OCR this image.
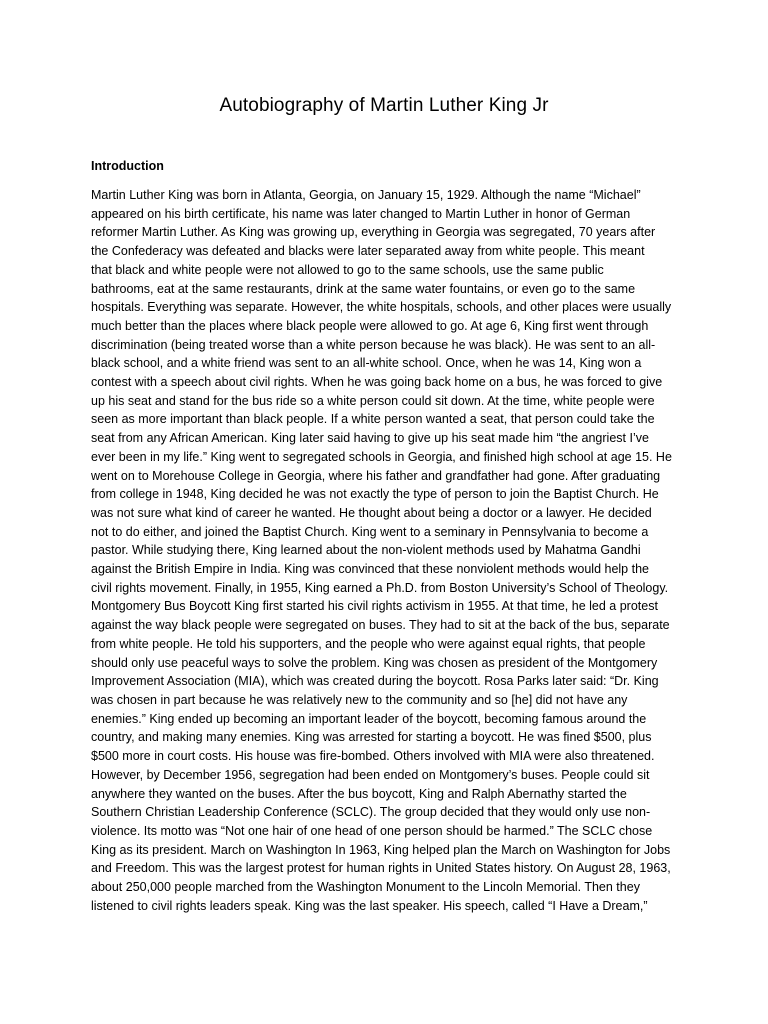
Autobiography of Martin Luther King Jr
Introduction
Martin Luther King was born in Atlanta, Georgia, on January 15, 1929. Although the name “Michael”
appeared on his birth certificate, his name was later changed to Martin Luther in honor of German
reformer Martin Luther. As King was growing up, everything in Georgia was segregated, 70 years after
the Confederacy was defeated and blacks were later separated away from white people. This meant
that black and white people were not allowed to go to the same schools, use the same public
bathrooms, eat at the same restaurants, drink at the same water fountains, or even go to the same
hospitals. Everything was separate. However, the white hospitals, schools, and other places were usually
much better than the places where black people were allowed to go. At age 6, King first went through
discrimination (being treated worse than a white person because he was black). He was sent to an all-
black school, and a white friend was sent to an all-white school. Once, when he was 14, King won a
contest with a speech about civil rights. When he was going back home on a bus, he was forced to give
up his seat and stand for the bus ride so a white person could sit down. At the time, white people were
seen as more important than black people. If a white person wanted a seat, that person could take the
seat from any African American. King later said having to give up his seat made him “the angriest I’ve
ever been in my life.” King went to segregated schools in Georgia, and finished high school at age 15. He
went on to Morehouse College in Georgia, where his father and grandfather had gone. After graduating
from college in 1948, King decided he was not exactly the type of person to join the Baptist Church. He
was not sure what kind of career he wanted. He thought about being a doctor or a lawyer. He decided
not to do either, and joined the Baptist Church. King went to a seminary in Pennsylvania to become a
pastor. While studying there, King learned about the non-violent methods used by Mahatma Gandhi
against the British Empire in India. King was convinced that these nonviolent methods would help the
civil rights movement. Finally, in 1955, King earned a Ph.D. from Boston University’s School of Theology.
Montgomery Bus Boycott King first started his civil rights activism in 1955. At that time, he led a protest
against the way black people were segregated on buses. They had to sit at the back of the bus, separate
from white people. He told his supporters, and the people who were against equal rights, that people
should only use peaceful ways to solve the problem. King was chosen as president of the Montgomery
Improvement Association (MIA), which was created during the boycott. Rosa Parks later said: “Dr. King
was chosen in part because he was relatively new to the community and so [he] did not have any
enemies.” King ended up becoming an important leader of the boycott, becoming famous around the
country, and making many enemies. King was arrested for starting a boycott. He was fined $500, plus
$500 more in court costs. His house was fire-bombed. Others involved with MIA were also threatened.
However, by December 1956, segregation had been ended on Montgomery’s buses. People could sit
anywhere they wanted on the buses. After the bus boycott, King and Ralph Abernathy started the
Southern Christian Leadership Conference (SCLC). The group decided that they would only use non-
violence. Its motto was “Not one hair of one head of one person should be harmed.” The SCLC chose
King as its president. March on Washington In 1963, King helped plan the March on Washington for Jobs
and Freedom. This was the largest protest for human rights in United States history. On August 28, 1963,
about 250,000 people marched from the Washington Monument to the Lincoln Memorial. Then they
listened to civil rights leaders speak. King was the last speaker. His speech, called “I Have a Dream,”
